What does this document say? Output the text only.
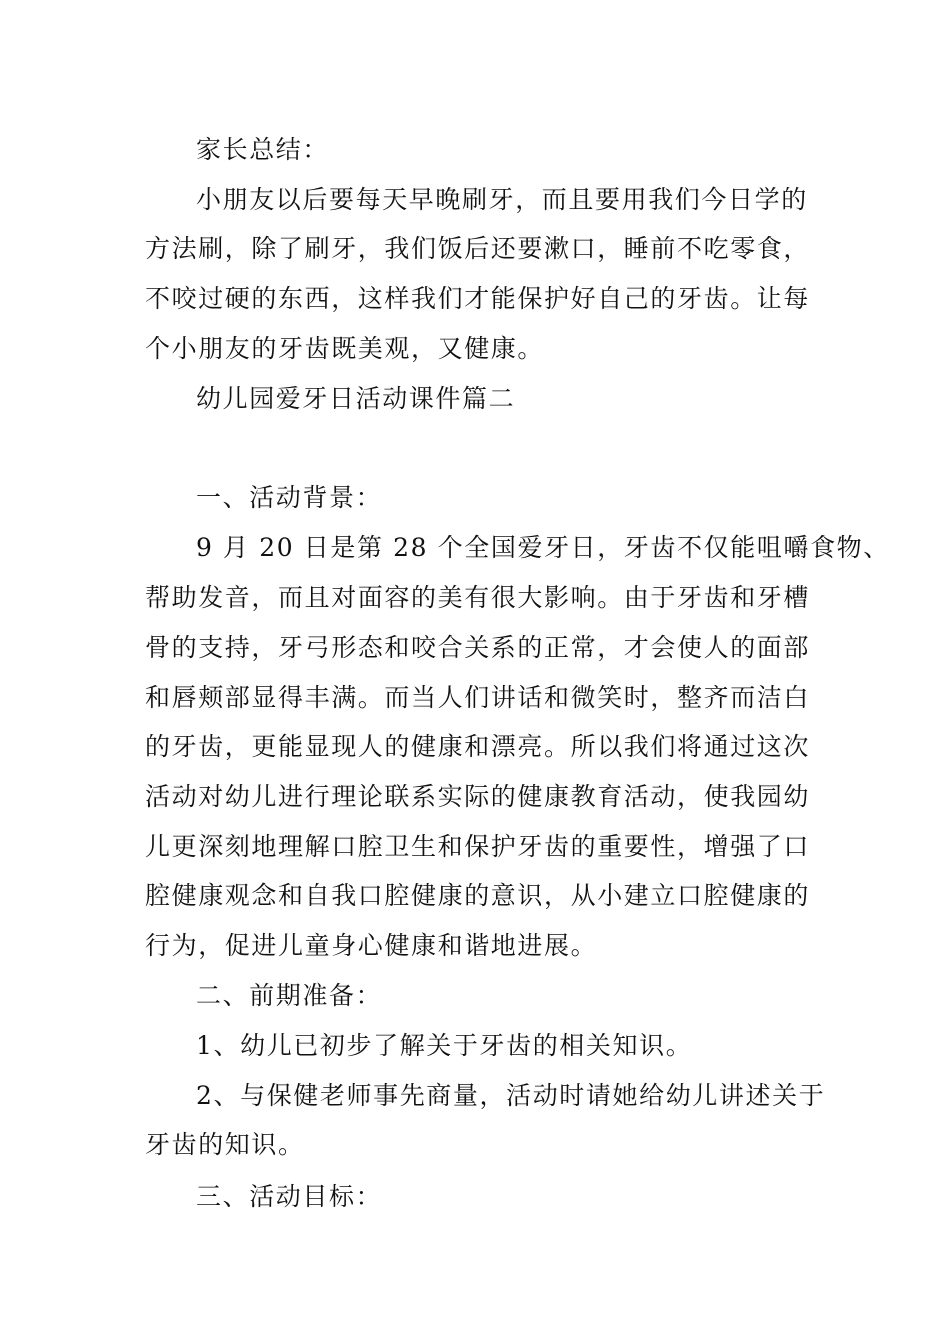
家长总结：
小朋友以后要每天早晚刷牙，而且要用我们今日学的
方法刷，除了刷牙，我们饭后还要漱口，睡前不吃零食，
不咬过硬的东西，这样我们才能保护好自己的牙齿。让每
个小朋友的牙齿既美观，又健康。
幼儿园爱牙日活动课件篇二
一、活动背景：
9 月 20 日是第 28 个全国爱牙日，牙齿不仅能咀嚼食物、
帮助发音，而且对面容的美有很大影响。由于牙齿和牙槽
骨的支持，牙弓形态和咬合关系的正常，才会使人的面部
和唇颊部显得丰满。而当人们讲话和微笑时，整齐而洁白
的牙齿，更能显现人的健康和漂亮。所以我们将通过这次
活动对幼儿进行理论联系实际的健康教育活动，使我园幼
儿更深刻地理解口腔卫生和保护牙齿的重要性，增强了口
腔健康观念和自我口腔健康的意识，从小建立口腔健康的
行为，促进儿童身心健康和谐地进展。
二、前期准备：
1、幼儿已初步了解关于牙齿的相关知识。
2、与保健老师事先商量，活动时请她给幼儿讲述关于
牙齿的知识。
三、活动目标：
